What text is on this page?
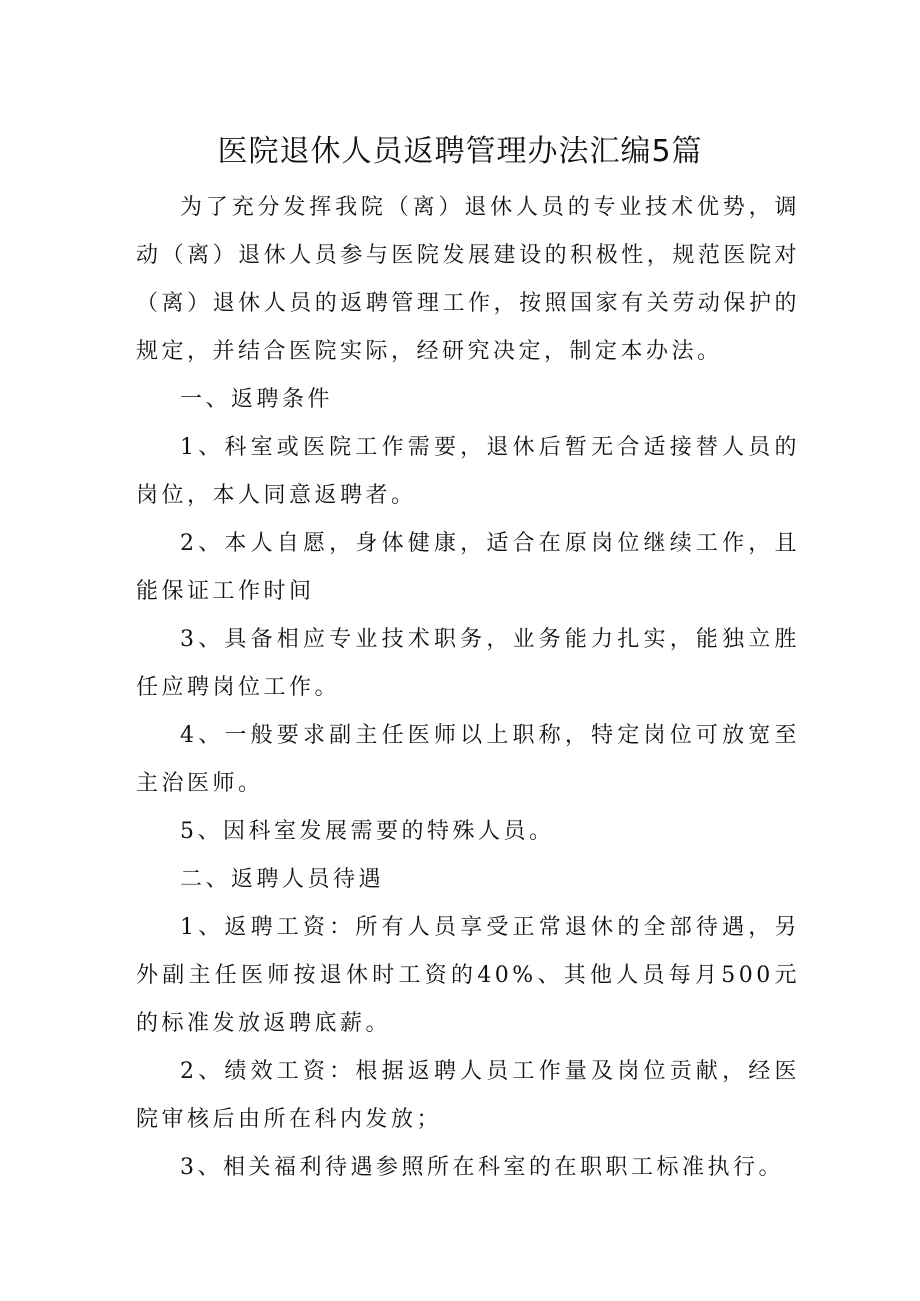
医院退休人员返聘管理办法汇编5篇

为了充分发挥我院（离）退休人员的专业技术优势，调动（离）退休人员参与医院发展建设的积极性，规范医院对（离）退休人员的返聘管理工作，按照国家有关劳动保护的规定，并结合医院实际，经研究决定，制定本办法。

一、返聘条件

1、科室或医院工作需要，退休后暂无合适接替人员的岗位，本人同意返聘者。

2、本人自愿，身体健康，适合在原岗位继续工作，且能保证工作时间

3、具备相应专业技术职务，业务能力扎实，能独立胜任应聘岗位工作。

4、一般要求副主任医师以上职称，特定岗位可放宽至主治医师。

5、因科室发展需要的特殊人员。

二、返聘人员待遇

1、返聘工资：所有人员享受正常退休的全部待遇，另外副主任医师按退休时工资的40%、其他人员每月500元的标准发放返聘底薪。

2、绩效工资：根据返聘人员工作量及岗位贡献，经医院审核后由所在科内发放；

3、相关福利待遇参照所在科室的在职职工标准执行。
